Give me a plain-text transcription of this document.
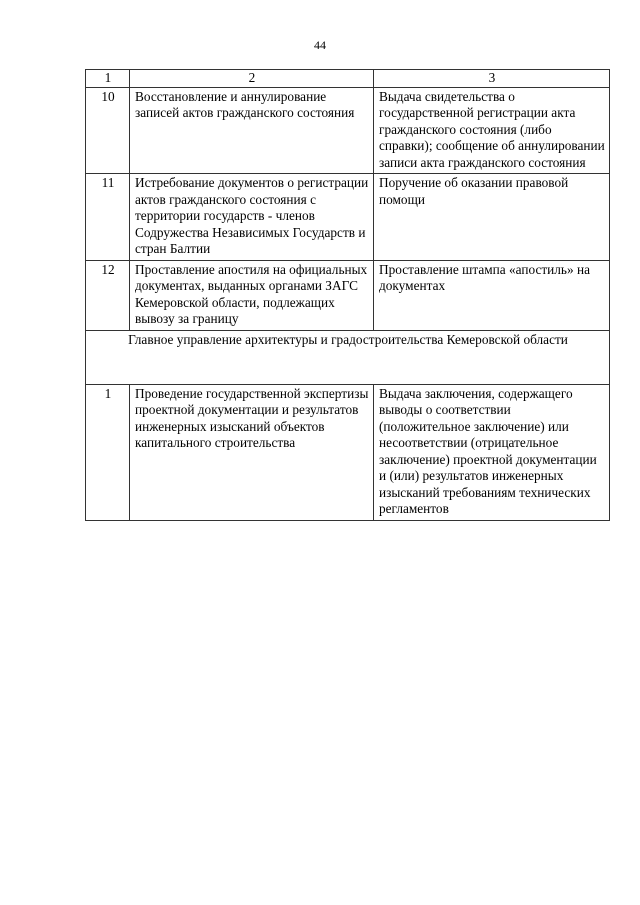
44
1	2	3
10	Восстановление и аннулирование записей актов гражданского состояния	Выдача свидетельства о государственной регистрации акта гражданского состояния (либо справки); сообщение об аннулировании записи акта гражданского состояния
11	Истребование документов о регистрации актов гражданского состояния с территории государств - членов Содружества Независимых Государств и стран Балтии	Поручение об оказании правовой помощи
12	Проставление апостиля на официальных документах, выданных органами ЗАГС Кемеровской области, подлежащих вывозу за границу	Проставление штампа «апостиль» на документах
Главное управление архитектуры и градостроительства Кемеровской области		
1	Проведение государственной экспертизы проектной документации и результатов инженерных изысканий объектов капитального строительства	Выдача заключения, содержащего выводы о соответствии (положительное заключение) или несоответствии (отрицательное заключение) проектной документации и (или) результатов инженерных изысканий требованиям технических регламентов
